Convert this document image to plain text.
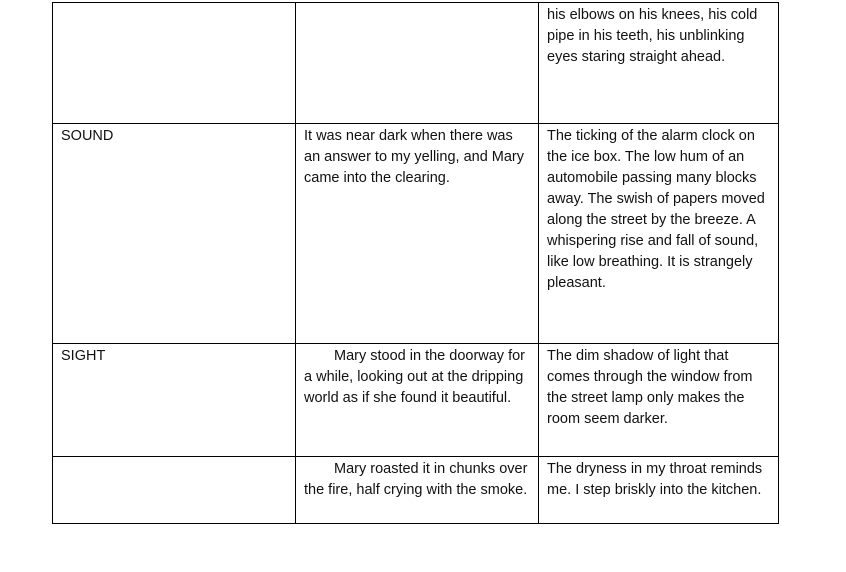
		his elbows on his knees, his cold pipe in his teeth, his unblinking eyes staring straight ahead.
SOUND	It was near dark when there was an answer to my yelling, and Mary came into the clearing.	The ticking of the alarm clock on the ice box. The low hum of an automobile passing many blocks away. The swish of papers moved along the street by the breeze. A whispering rise and fall of sound, like low breathing. It is strangely pleasant.
SIGHT	Mary stood in the doorway for a while, looking out at the dripping world as if she found it beautiful.	The dim shadow of light that comes through the window from the street lamp only makes the room seem darker.
	Mary roasted it in chunks over the fire, half crying with the smoke.	The dryness in my throat reminds me. I step briskly into the kitchen.
